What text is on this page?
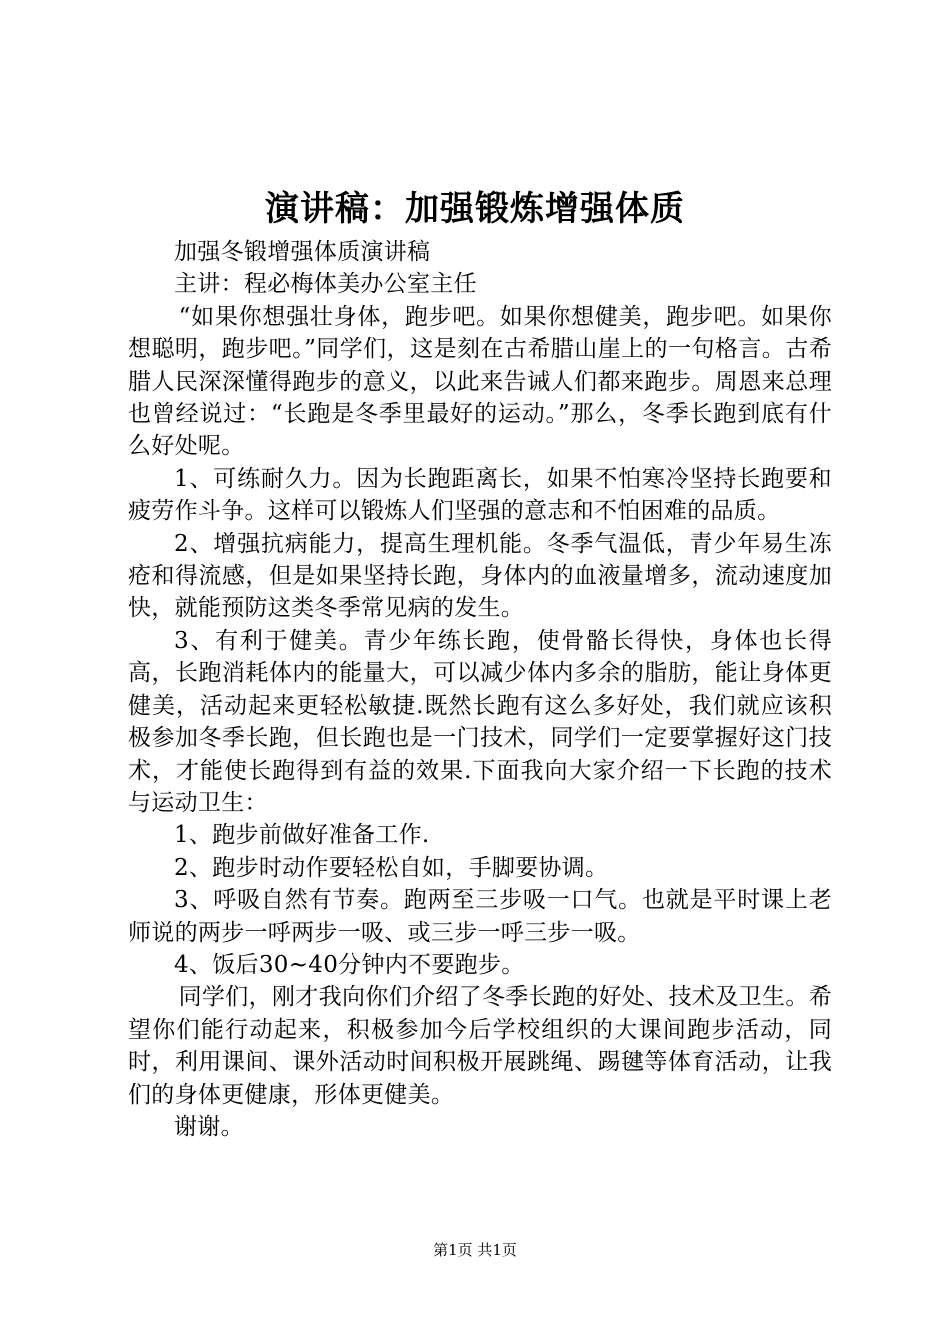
演讲稿：加强锻炼增强体质

加强冬锻增强体质演讲稿

主讲：程必梅体美办公室主任

“如果你想强壮身体，跑步吧。如果你想健美，跑步吧。如果你想聪明，跑步吧。”同学们，这是刻在古希腊山崖上的一句格言。古希腊人民深深懂得跑步的意义，以此来告诫人们都来跑步。周恩来总理也曾经说过：“长跑是冬季里最好的运动。”那么，冬季长跑到底有什么好处呢。

1、可练耐久力。因为长跑距离长，如果不怕寒冷坚持长跑要和疲劳作斗争。这样可以锻炼人们坚强的意志和不怕困难的品质。

2、增强抗病能力，提高生理机能。冬季气温低，青少年易生冻疮和得流感，但是如果坚持长跑，身体内的血液量增多，流动速度加快，就能预防这类冬季常见病的发生。

3、有利于健美。青少年练长跑，使骨骼长得快，身体也长得高，长跑消耗体内的能量大，可以减少体内多余的脂肪，能让身体更健美，活动起来更轻松敏捷.既然长跑有这么多好处，我们就应该积极参加冬季长跑，但长跑也是一门技术，同学们一定要掌握好这门技术，才能使长跑得到有益的效果.下面我向大家介绍一下长跑的技术与运动卫生：

1、跑步前做好准备工作.

2、跑步时动作要轻松自如，手脚要协调。

3、呼吸自然有节奏。跑两至三步吸一口气。也就是平时课上老师说的两步一呼两步一吸、或三步一呼三步一吸。

4、饭后30~40分钟内不要跑步。

同学们，刚才我向你们介绍了冬季长跑的好处、技术及卫生。希望你们能行动起来，积极参加今后学校组织的大课间跑步活动，同时，利用课间、课外活动时间积极开展跳绳、踢毽等体育活动，让我们的身体更健康，形体更健美。

谢谢。

第1页 共1页
